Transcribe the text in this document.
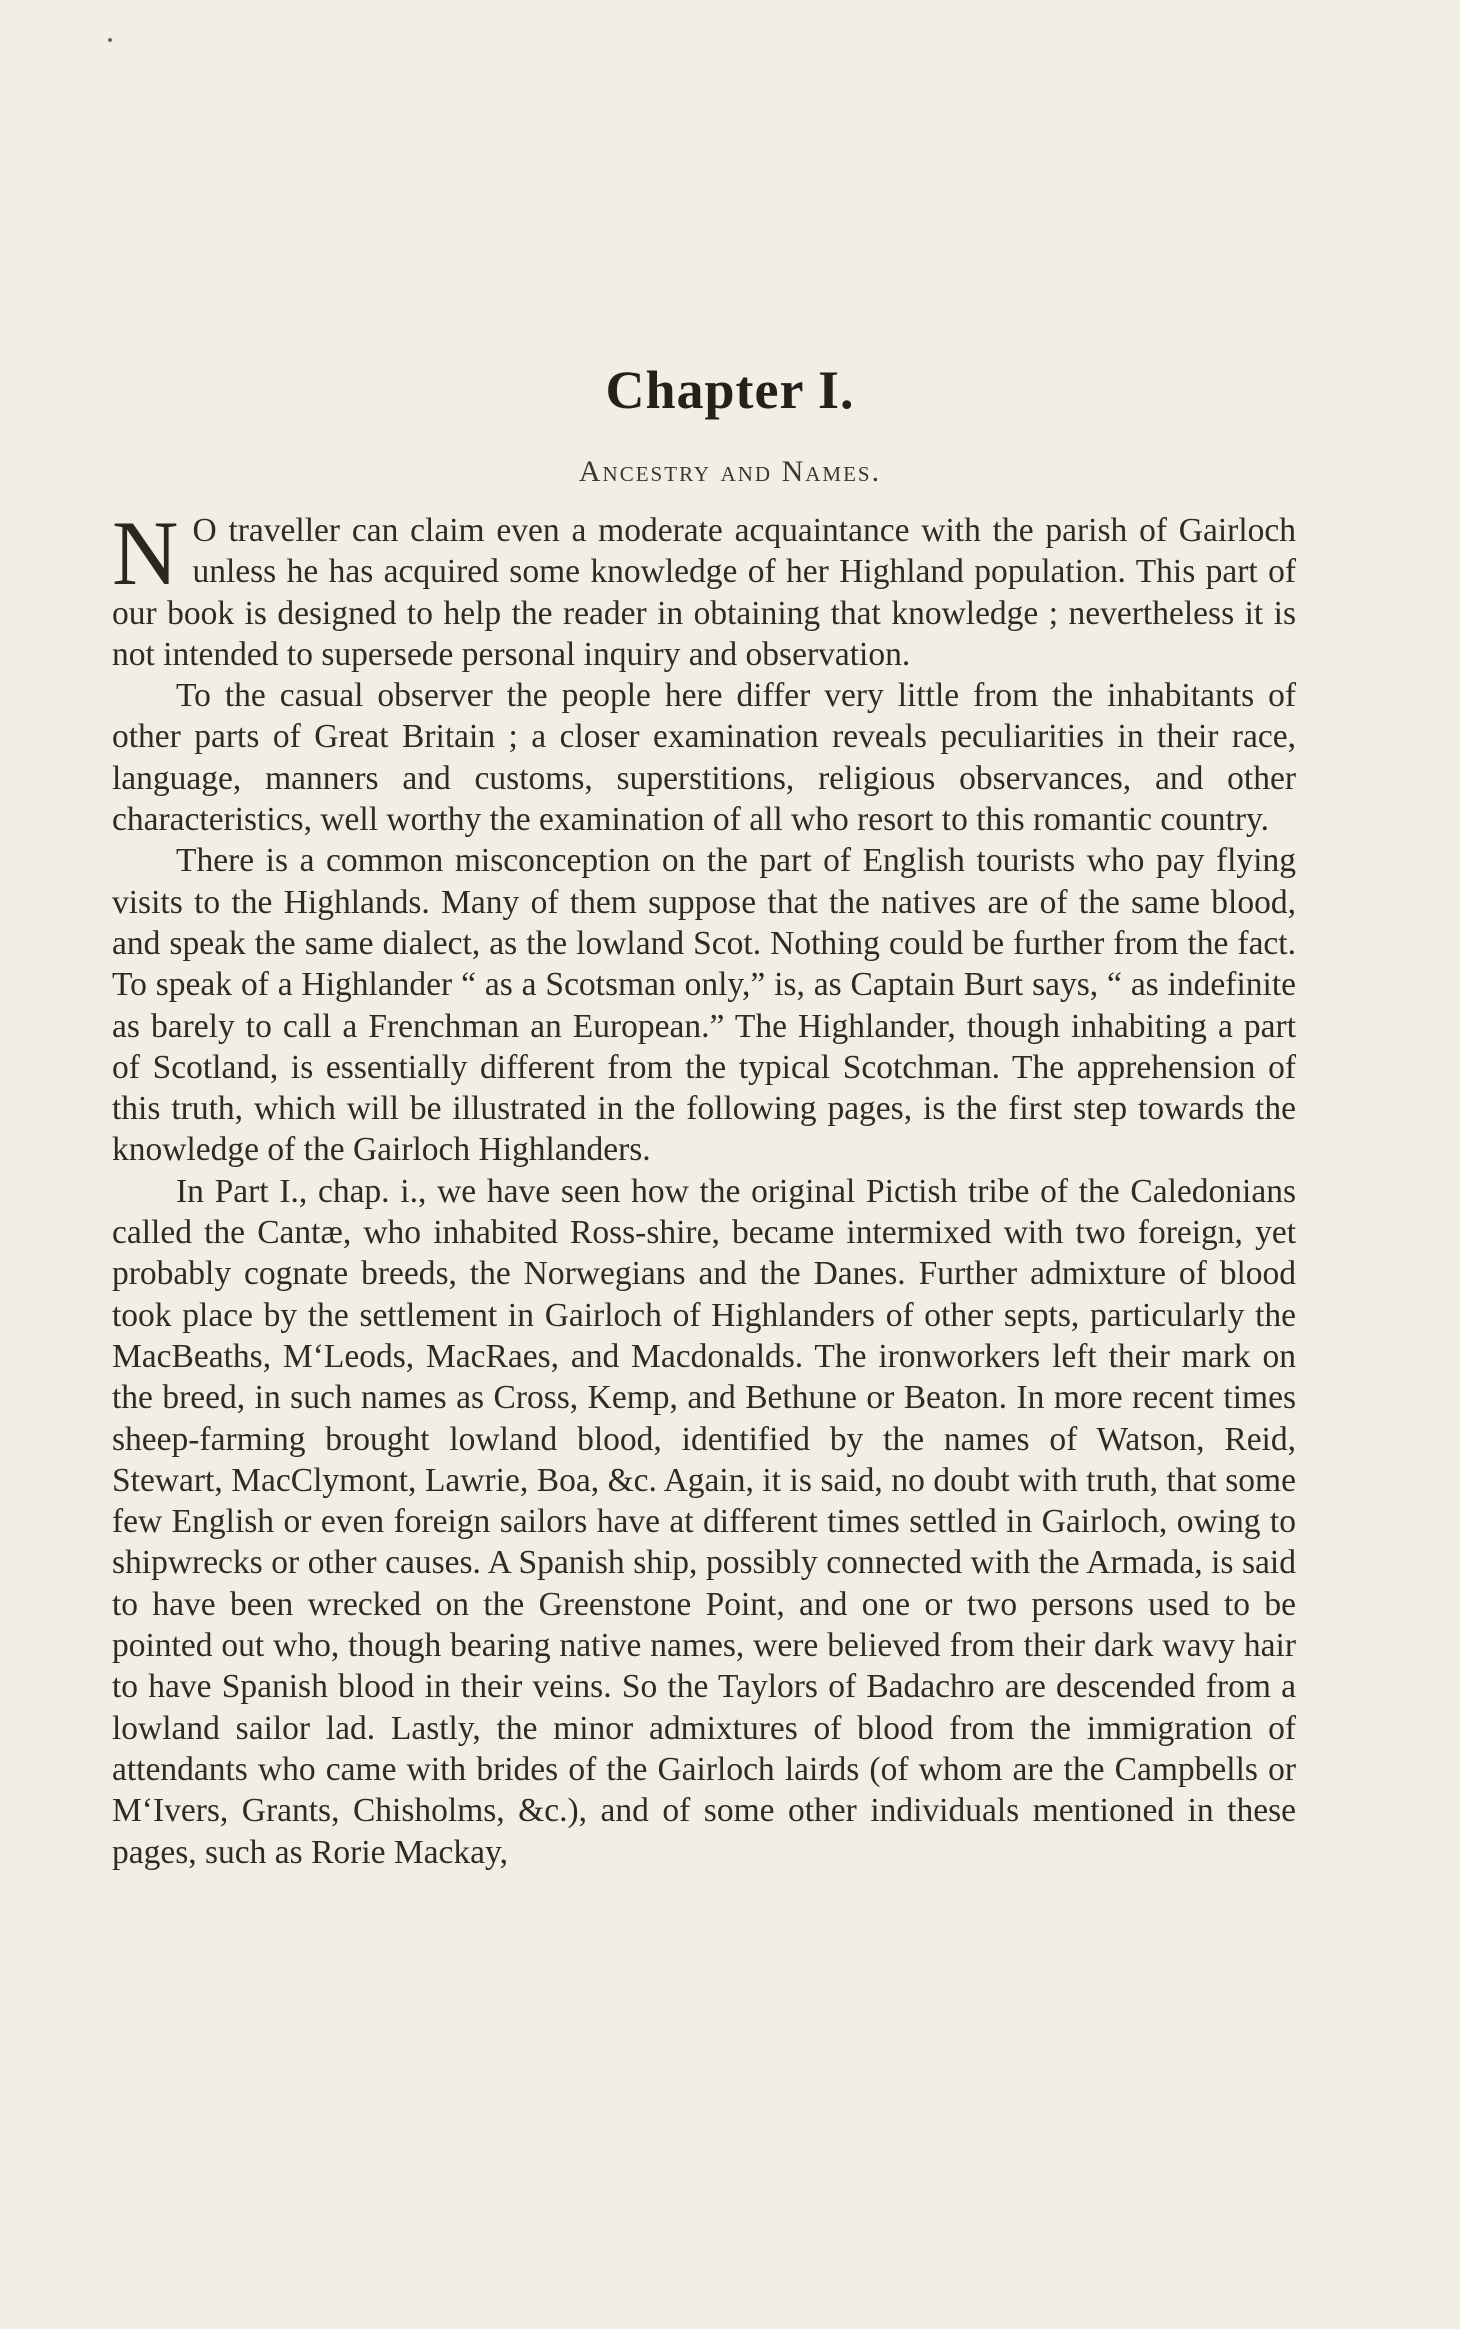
Chapter I.
Ancestry and Names.

N O traveller can claim even a moderate acquaintance with the parish of Gairloch unless he has acquired some knowledge of her Highland population. This part of our book is designed to help the reader in obtaining that knowledge ; nevertheless it is not intended to supersede personal inquiry and observation.

To the casual observer the people here differ very little from the inhabitants of other parts of Great Britain ; a closer examination reveals peculiarities in their race, language, manners and customs, superstitions, religious observances, and other characteristics, well worthy the examination of all who resort to this romantic country.

There is a common misconception on the part of English tourists who pay flying visits to the Highlands. Many of them suppose that the natives are of the same blood, and speak the same dialect, as the lowland Scot. Nothing could be further from the fact. To speak of a Highlander “ as a Scotsman only,” is, as Captain Burt says, “ as indefinite as barely to call a Frenchman an European.” The Highlander, though inhabiting a part of Scotland, is essentially different from the typical Scotchman. The apprehension of this truth, which will be illustrated in the following pages, is the first step towards the knowledge of the Gairloch Highlanders.

In Part I., chap. i., we have seen how the original Pictish tribe of the Caledonians called the Cantæ, who inhabited Ross-shire, became intermixed with two foreign, yet probably cognate breeds, the Norwegians and the Danes. Further admixture of blood took place by the settlement in Gairloch of Highlanders of other septs, particularly the MacBeaths, M‘Leods, MacRaes, and Macdonalds. The ironworkers left their mark on the breed, in such names as Cross, Kemp, and Bethune or Beaton. In more recent times sheep-farming brought lowland blood, identified by the names of Watson, Reid, Stewart, MacClymont, Lawrie, Boa, &c. Again, it is said, no doubt with truth, that some few English or even foreign sailors have at different times settled in Gairloch, owing to shipwrecks or other causes. A Spanish ship, possibly connected with the Armada, is said to have been wrecked on the Greenstone Point, and one or two persons used to be pointed out who, though bearing native names, were believed from their dark wavy hair to have Spanish blood in their veins. So the Taylors of Badachro are descended from a lowland sailor lad. Lastly, the minor admixtures of blood from the immigration of attendants who came with brides of the Gairloch lairds (of whom are the Campbells or M‘Ivers, Grants, Chisholms, &c.), and of some other individuals mentioned in these pages, such as Rorie Mackay,
